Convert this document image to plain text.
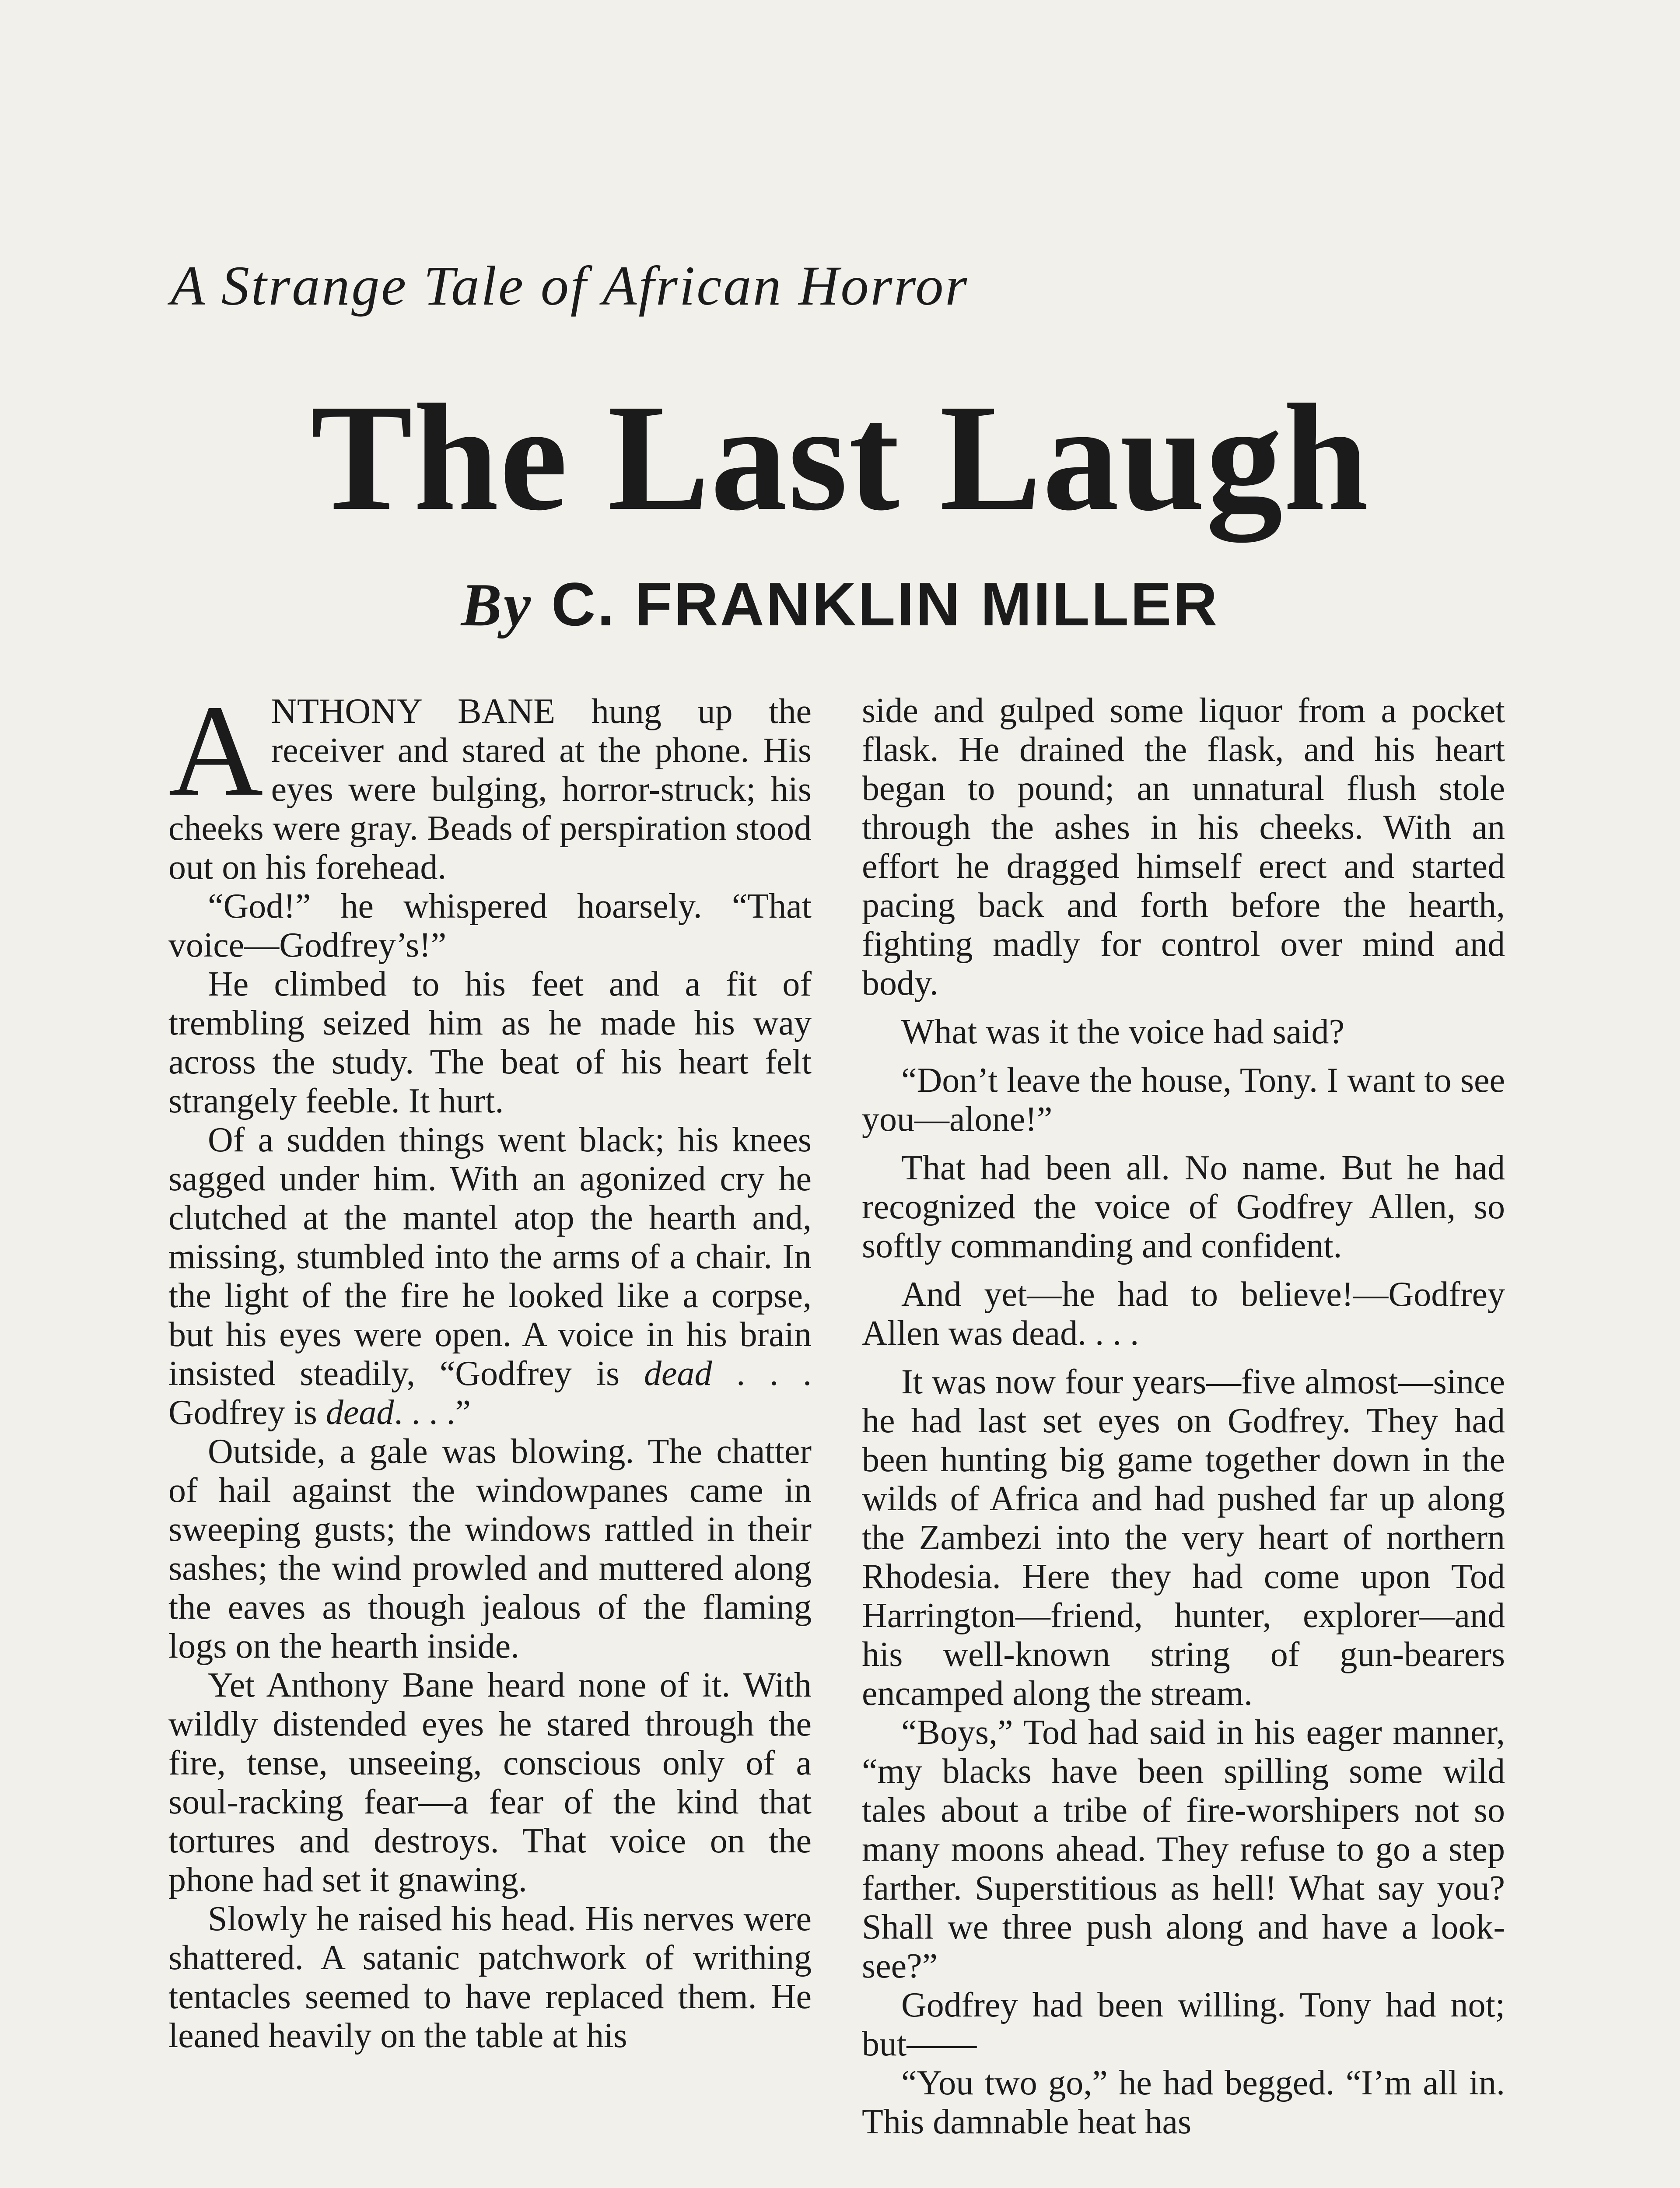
A Strange Tale of African Horror
The Last Laugh
By C. FRANKLIN MILLER

ANTHONY BANE hung up the receiver and stared at the phone. His eyes were bulging, horror-struck; his cheeks were gray. Beads of perspiration stood out on his forehead.

“God!” he whispered hoarsely. “That voice—Godfrey’s!”

He climbed to his feet and a fit of trembling seized him as he made his way across the study. The beat of his heart felt strangely feeble. It hurt.

Of a sudden things went black; his knees sagged under him. With an agonized cry he clutched at the mantel atop the hearth and, missing, stumbled into the arms of a chair. In the light of the fire he looked like a corpse, but his eyes were open. A voice in his brain insisted steadily, “Godfrey is dead . . . Godfrey is dead. . . .”

Outside, a gale was blowing. The chatter of hail against the windowpanes came in sweeping gusts; the windows rattled in their sashes; the wind prowled and muttered along the eaves as though jealous of the flaming logs on the hearth inside.

Yet Anthony Bane heard none of it. With wildly distended eyes he stared through the fire, tense, unseeing, conscious only of a soul-racking fear—a fear of the kind that tortures and destroys. That voice on the phone had set it gnawing.

Slowly he raised his head. His nerves were shattered. A satanic patchwork of writhing tentacles seemed to have replaced them. He leaned heavily on the table at his

side and gulped some liquor from a pocket flask. He drained the flask, and his heart began to pound; an unnatural flush stole through the ashes in his cheeks. With an effort he dragged himself erect and started pacing back and forth before the hearth, fighting madly for control over mind and body.

What was it the voice had said?

“Don’t leave the house, Tony. I want to see you—alone!”

That had been all. No name. But he had recognized the voice of Godfrey Allen, so softly commanding and confident.

And yet—he had to believe!—Godfrey Allen was dead. . . .

It was now four years—five almost—since he had last set eyes on Godfrey. They had been hunting big game together down in the wilds of Africa and had pushed far up along the Zambezi into the very heart of northern Rhodesia. Here they had come upon Tod Harrington—friend, hunter, explorer—and his well-known string of gun-bearers encamped along the stream.

“Boys,” Tod had said in his eager manner, “my blacks have been spilling some wild tales about a tribe of fire-worshipers not so many moons ahead. They refuse to go a step farther. Superstitious as hell! What say you? Shall we three push along and have a look-see?”

Godfrey had been willing. Tony had not; but——

“You two go,” he had begged. “I’m all in. This damnable heat has
